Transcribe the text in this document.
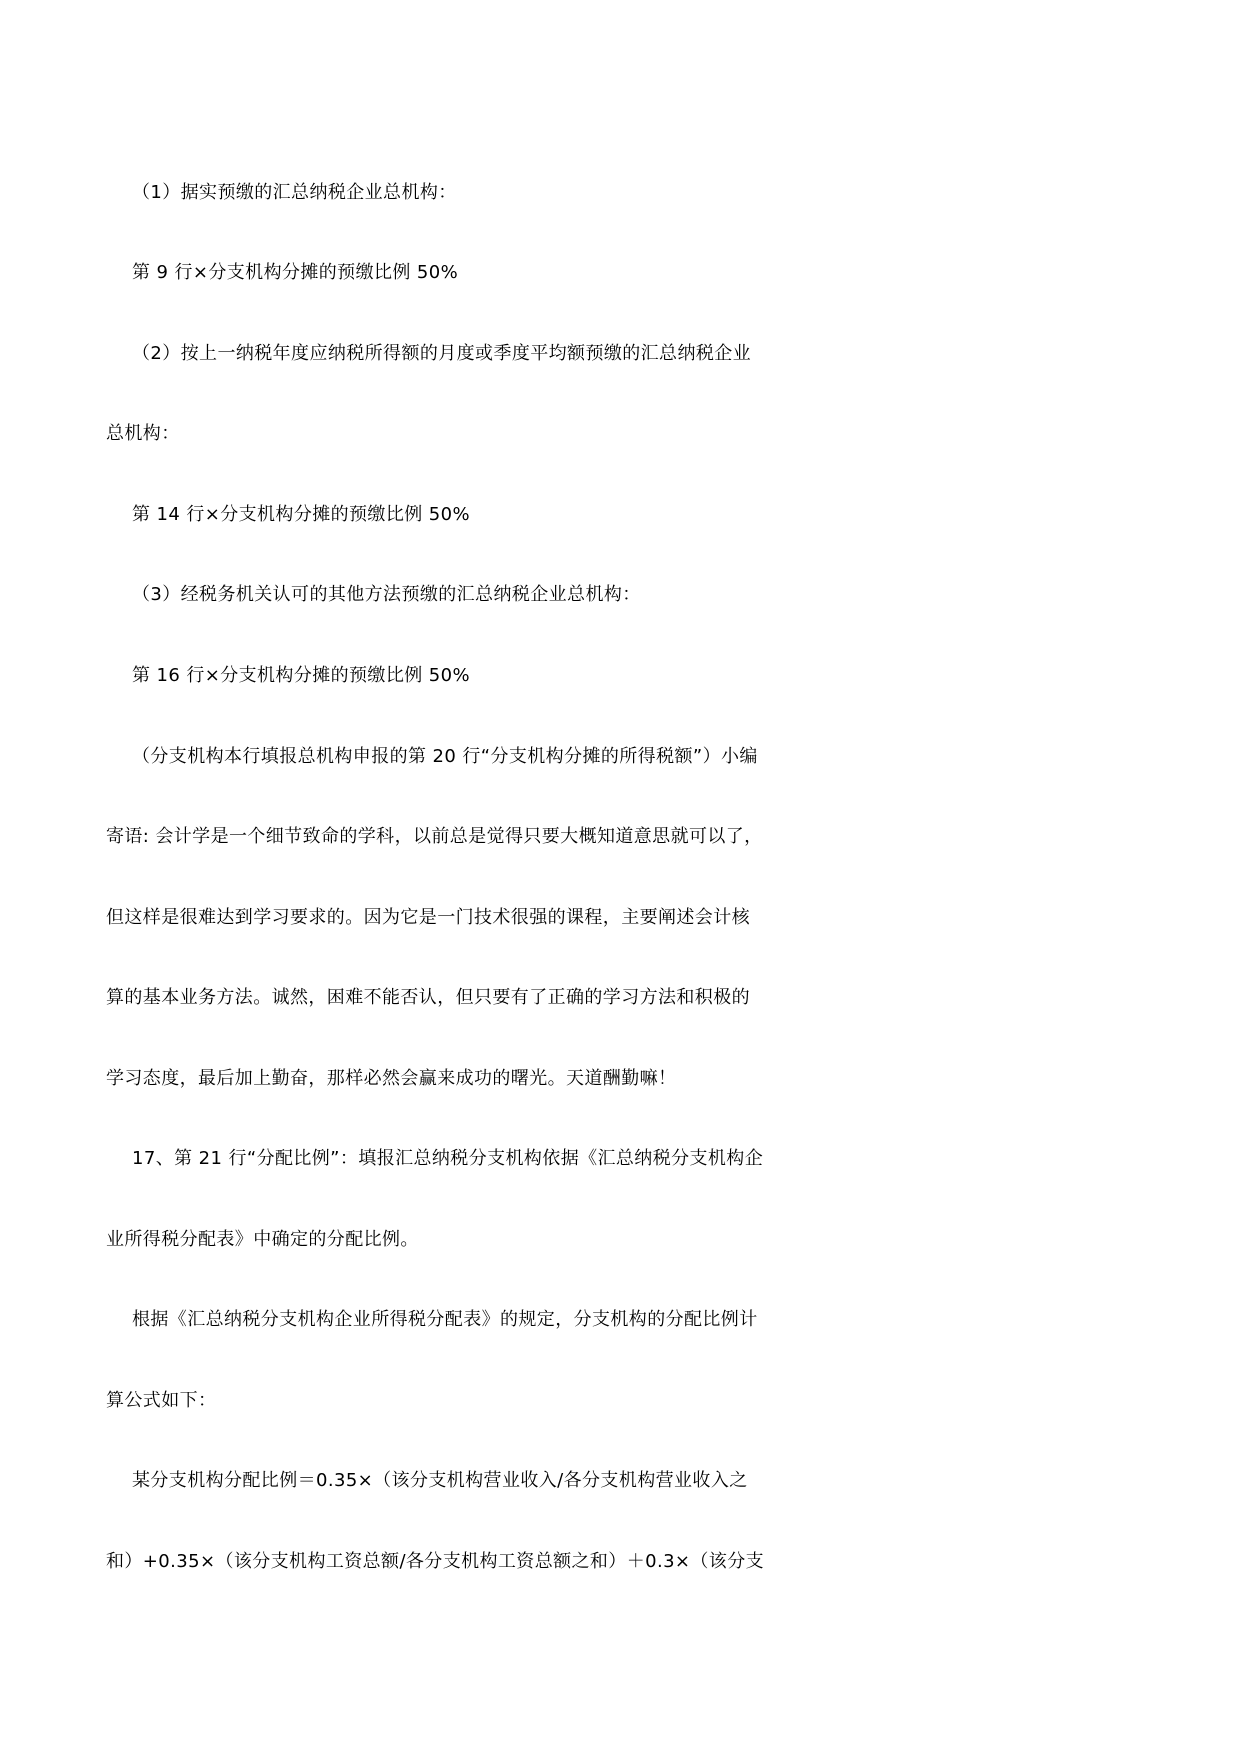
（1）据实预缴的汇总纳税企业总机构：
第 9 行×分支机构分摊的预缴比例 50%
（2）按上一纳税年度应纳税所得额的月度或季度平均额预缴的汇总纳税企业
总机构：
第 14 行×分支机构分摊的预缴比例 50%
（3）经税务机关认可的其他方法预缴的汇总纳税企业总机构：
第 16 行×分支机构分摊的预缴比例 50%
（分支机构本行填报总机构申报的第 20 行“分支机构分摊的所得税额”）小编
寄语: 会计学是一个细节致命的学科，以前总是觉得只要大概知道意思就可以了，
但这样是很难达到学习要求的。因为它是一门技术很强的课程，主要阐述会计核
算的基本业务方法。诚然，困难不能否认，但只要有了正确的学习方法和积极的
学习态度，最后加上勤奋，那样必然会赢来成功的曙光。天道酬勤嘛！
17、第 21 行“分配比例”：填报汇总纳税分支机构依据《汇总纳税分支机构企
业所得税分配表》中确定的分配比例。
根据《汇总纳税分支机构企业所得税分配表》的规定，分支机构的分配比例计
算公式如下：
某分支机构分配比例＝0.35×（该分支机构营业收入/各分支机构营业收入之
和）+0.35×（该分支机构工资总额/各分支机构工资总额之和）＋0.3×（该分支
